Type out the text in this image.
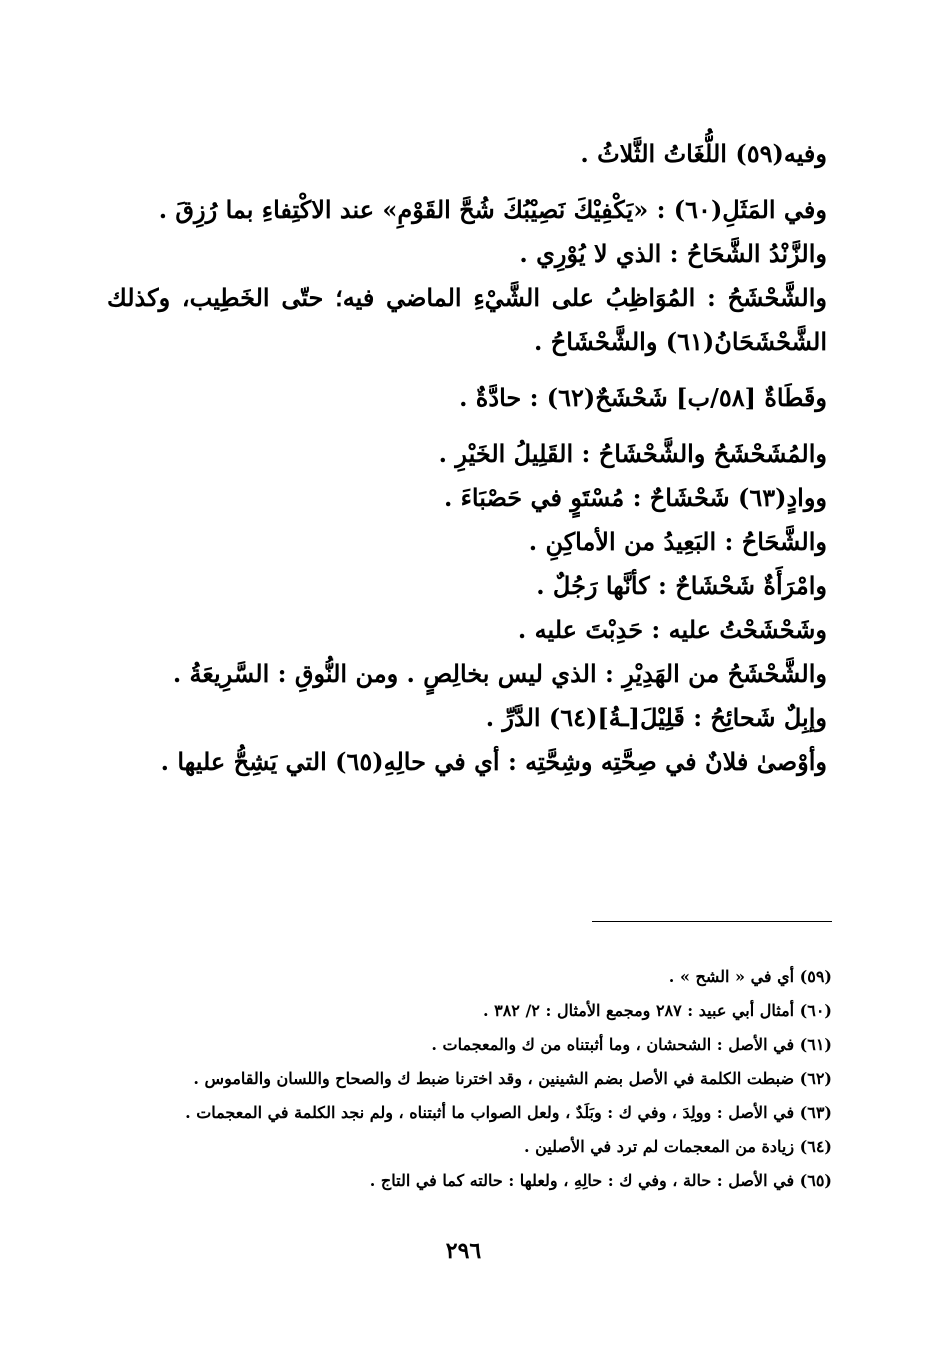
وفيه(٥٩) اللُّغَاتُ الثَّلاثُ .
وفي المَثَلِ(٦٠) : «يَكْفِيْكَ نَصِيْبُكَ شُحَّ القَوْمِ» عند الاكْتِفاءِ بما رُزِقَ .
والزَّنْدُ الشَّحَاحُ : الذي لا يُوْرِي .
والشَّحْشَحُ : المُوَاظِبُ على الشَّيْءِ الماضي فيه؛ حتّى الخَطِيب، وكذلك
الشَّحْشَحَانُ(٦١) والشَّحْشَاحُ .
وقَطَاةٌ [٥٨/ب] شَحْشَحٌ(٦٢) : حادَّةٌ .
والمُشَحْشَحُ والشَّحْشَاحُ : القَلِيلُ الخَيْرِ .
ووادٍ(٦٣) شَحْشَاحٌ : مُسْتَوٍ في حَصْبَاءَ .
والشَّحَاحُ : البَعِيدُ من الأماكِنِ .
وامْرَأَةٌ شَحْشَاحٌ : كأنَّها رَجُلٌ .
وشَحْشَحْتُ عليه : حَدِبْتَ عليه .
والشَّحْشَحُ من الهَدِيْرِ : الذي ليس بخالِصٍ . ومن النُّوقِ : السَّرِيعَةُ .
وإبِلٌ شَحائِحُ : قَلِيْلَ[ـةُ](٦٤) الدَّرِّ .
وأوْصىٰ فلانٌ في صِحَّتِه وشِحَّتِه : أي في حالِهِ(٦٥) التي يَشِحُّ عليها .
(٥٩) أي في « الشح » .
(٦٠) أمثال أبي عبيد : ٢٨٧ ومجمع الأمثال : ٢/ ٣٨٢ .
(٦١) في الأصل : الشحشان ، وما أثبتناه من ك والمعجمات .
(٦٢) ضبطت الكلمة في الأصل بضم الشينين ، وقد اخترنا ضبط ك والصحاح واللسان والقاموس .
(٦٣) في الأصل : وولِدَ ، وفي ك : وبَلَدٌ ، ولعل الصواب ما أثبتناه ، ولم نجد الكلمة في المعجمات .
(٦٤) زيادة من المعجمات لم ترد في الأصلين .
(٦٥) في الأصل : حالة ، وفي ك : حالِهِ ، ولعلها : حالته كما في التاج .
٢٩٦
